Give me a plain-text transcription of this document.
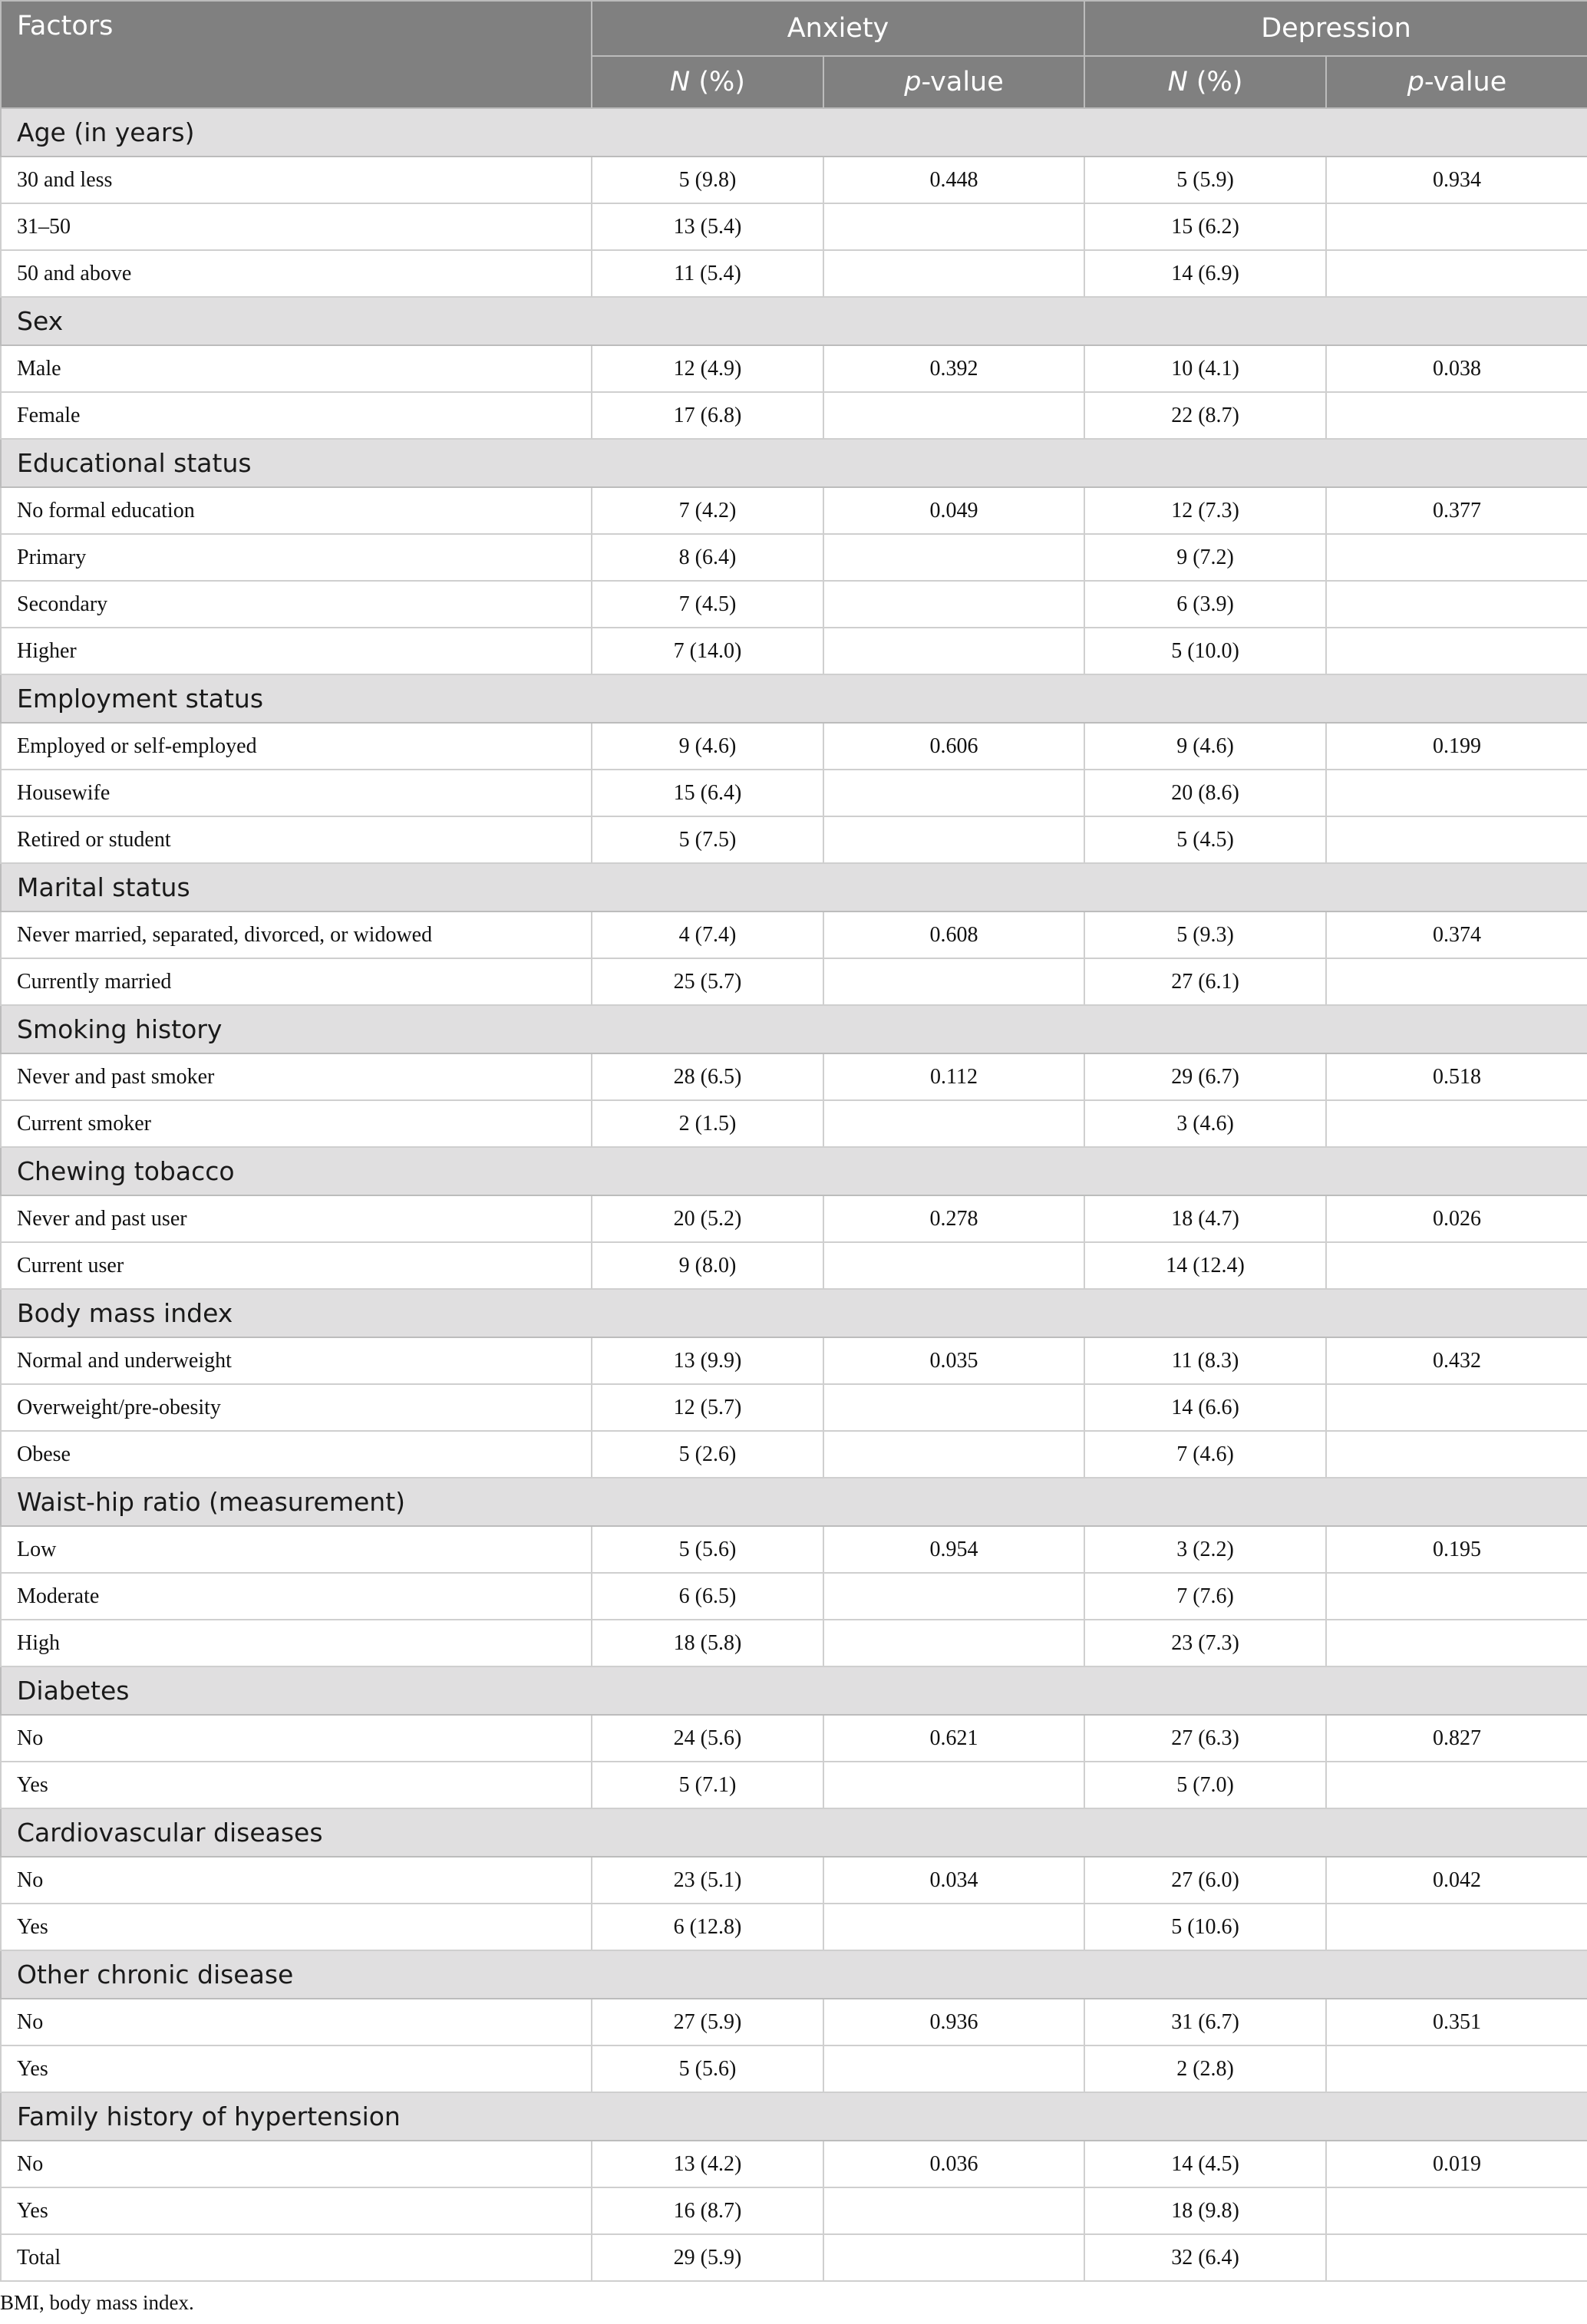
Factors	Anxiety		Depression	
	N (%)	p-value	N (%)	p-value
Age (in years)				
30 and less	5 (9.8)	0.448	5 (5.9)	0.934
31–50	13 (5.4)		15 (6.2)	
50 and above	11 (5.4)		14 (6.9)	
Sex				
Male	12 (4.9)	0.392	10 (4.1)	0.038
Female	17 (6.8)		22 (8.7)	
Educational status				
No formal education	7 (4.2)	0.049	12 (7.3)	0.377
Primary	8 (6.4)		9 (7.2)	
Secondary	7 (4.5)		6 (3.9)	
Higher	7 (14.0)		5 (10.0)	
Employment status				
Employed or self-employed	9 (4.6)	0.606	9 (4.6)	0.199
Housewife	15 (6.4)		20 (8.6)	
Retired or student	5 (7.5)		5 (4.5)	
Marital status				
Never married, separated, divorced, or widowed	4 (7.4)	0.608	5 (9.3)	0.374
Currently married	25 (5.7)		27 (6.1)	
Smoking history				
Never and past smoker	28 (6.5)	0.112	29 (6.7)	0.518
Current smoker	2 (1.5)		3 (4.6)	
Chewing tobacco				
Never and past user	20 (5.2)	0.278	18 (4.7)	0.026
Current user	9 (8.0)		14 (12.4)	
Body mass index				
Normal and underweight	13 (9.9)	0.035	11 (8.3)	0.432
Overweight/pre-obesity	12 (5.7)		14 (6.6)	
Obese	5 (2.6)		7 (4.6)	
Waist-hip ratio (measurement)				
Low	5 (5.6)	0.954	3 (2.2)	0.195
Moderate	6 (6.5)		7 (7.6)	
High	18 (5.8)		23 (7.3)	
Diabetes				
No	24 (5.6)	0.621	27 (6.3)	0.827
Yes	5 (7.1)		5 (7.0)	
Cardiovascular diseases				
No	23 (5.1)	0.034	27 (6.0)	0.042
Yes	6 (12.8)		5 (10.6)	
Other chronic disease				
No	27 (5.9)	0.936	31 (6.7)	0.351
Yes	5 (5.6)		2 (2.8)	
Family history of hypertension				
No	13 (4.2)	0.036	14 (4.5)	0.019
Yes	16 (8.7)		18 (9.8)	
Total	29 (5.9)		32 (6.4)	
BMI, body mass index.
